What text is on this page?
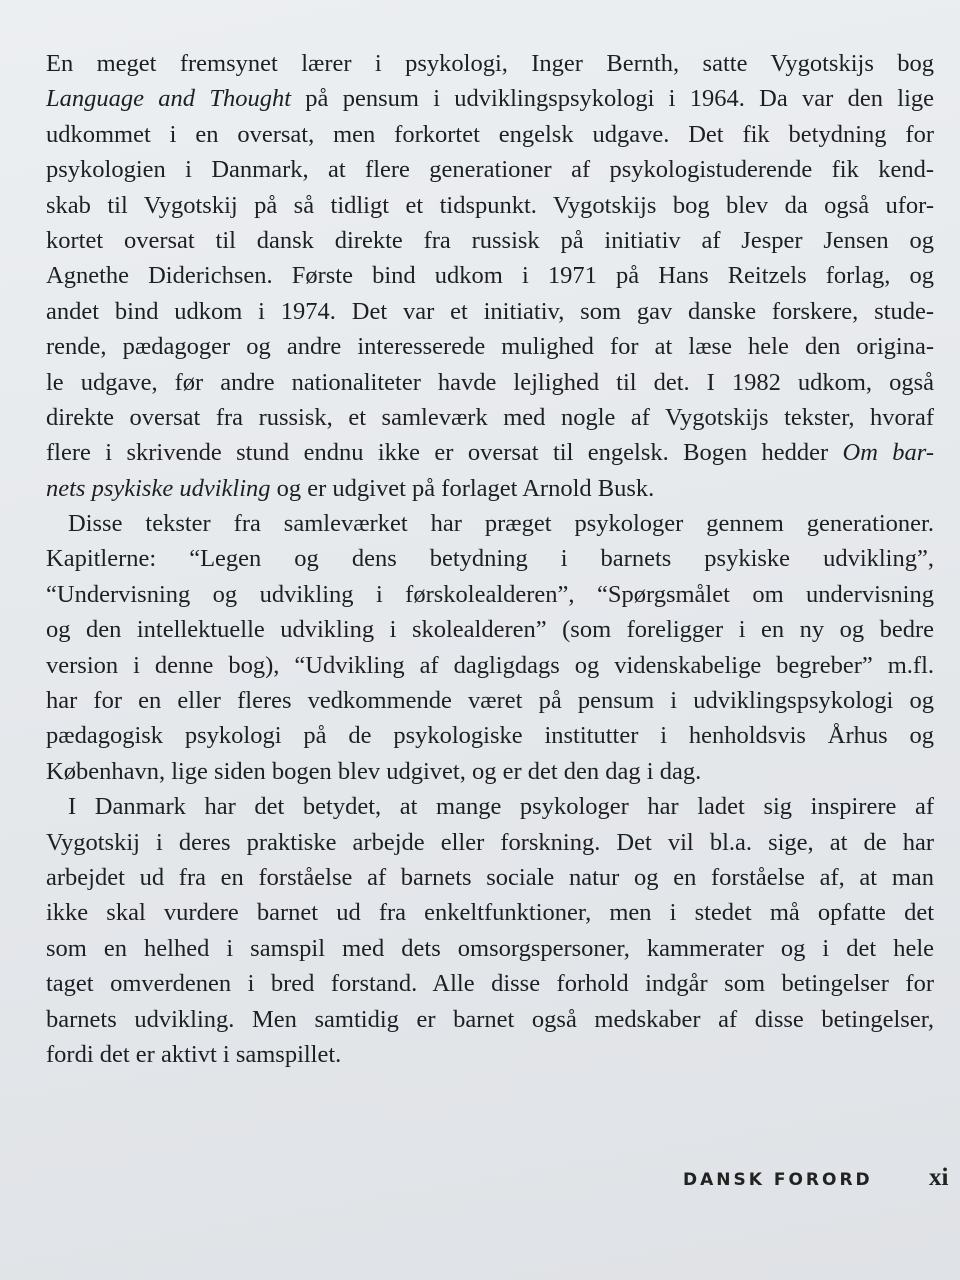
En meget fremsynet lærer i psykologi, Inger Bernth, satte Vygotskijs bog
Language and Thought på pensum i udviklingspsykologi i 1964. Da var den lige
udkommet i en oversat, men forkortet engelsk udgave. Det fik betydning for
psykologien i Danmark, at flere generationer af psykologistuderende fik kend-
skab til Vygotskij på så tidligt et tidspunkt. Vygotskijs bog blev da også ufor-
kortet oversat til dansk direkte fra russisk på initiativ af Jesper Jensen og
Agnethe Diderichsen. Første bind udkom i 1971 på Hans Reitzels forlag, og
andet bind udkom i 1974. Det var et initiativ, som gav danske forskere, stude-
rende, pædagoger og andre interesserede mulighed for at læse hele den origina-
le udgave, før andre nationaliteter havde lejlighed til det. I 1982 udkom, også
direkte oversat fra russisk, et samleværk med nogle af Vygotskijs tekster, hvoraf
flere i skrivende stund endnu ikke er oversat til engelsk. Bogen hedder Om bar-
nets psykiske udvikling og er udgivet på forlaget Arnold Busk.
Disse tekster fra samleværket har præget psykologer gennem generationer.
Kapitlerne: “Legen og dens betydning i barnets psykiske udvikling”,
“Undervisning og udvikling i førskolealderen”, “Spørgsmålet om undervisning
og den intellektuelle udvikling i skolealderen” (som foreligger i en ny og bedre
version i denne bog), “Udvikling af dagligdags og videnskabelige begreber” m.fl.
har for en eller fleres vedkommende været på pensum i udviklingspsykologi og
pædagogisk psykologi på de psykologiske institutter i henholdsvis Århus og
København, lige siden bogen blev udgivet, og er det den dag i dag.
I Danmark har det betydet, at mange psykologer har ladet sig inspirere af
Vygotskij i deres praktiske arbejde eller forskning. Det vil bl.a. sige, at de har
arbejdet ud fra en forståelse af barnets sociale natur og en forståelse af, at man
ikke skal vurdere barnet ud fra enkeltfunktioner, men i stedet må opfatte det
som en helhed i samspil med dets omsorgspersoner, kammerater og i det hele
taget omverdenen i bred forstand. Alle disse forhold indgår som betingelser for
barnets udvikling. Men samtidig er barnet også medskaber af disse betingelser,
fordi det er aktivt i samspillet.
DANSK FORORD xi
